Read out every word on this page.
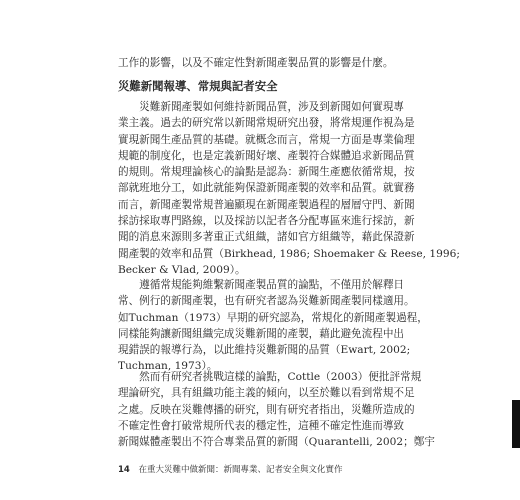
工作的影響，以及不確定性對新聞產製品質的影響是什麼。

災難新聞報導、常規與記者安全
　　災難新聞產製如何維持新聞品質，涉及到新聞如何實現專
業主義。過去的研究常以新聞常規研究出發，將常規運作視為是
實現新聞生產品質的基礎。就概念而言，常規一方面是專業倫理
規範的制度化，也是定義新聞好壞、產製符合媒體追求新聞品質
的規則。常規理論核心的論點是認為：新聞生產應依循常規，按
部就班地分工，如此就能夠保證新聞產製的效率和品質。就實務
而言，新聞產製常規普遍顯現在新聞產製過程的層層守門、新聞
採訪採取專門路線，以及採訪以記者各分配專區來進行採訪，新
聞的消息來源則多著重正式組織，諸如官方組織等，藉此保證新
聞產製的效率和品質（Birkhead, 1986; Shoemaker & Reese, 1996;
Becker & Vlad, 2009）。
　　遵循常規能夠維繫新聞產製品質的論點，不僅用於解釋日
常、例行的新聞產製，也有研究者認為災難新聞產製同樣適用。
如Tuchman（1973）早期的研究認為，常規化的新聞產製過程，
同樣能夠讓新聞組織完成災難新聞的產製，藉此避免流程中出
現錯誤的報導行為，以此維持災難新聞的品質（Ewart, 2002;
Tuchman, 1973）。
　　然而有研究者挑戰這樣的論點，Cottle（2003）便批評常規
理論研究，具有組織功能主義的傾向，以至於難以看到常規不足
之處。反映在災難傳播的研究，則有研究者指出，災難所造成的
不確定性會打破常規所代表的穩定性，這種不確定性進而導致
新聞媒體產製出不符合專業品質的新聞（Quarantelli, 2002；鄭宇
14 在重大災難中做新聞：新聞專業、記者安全與文化實作
